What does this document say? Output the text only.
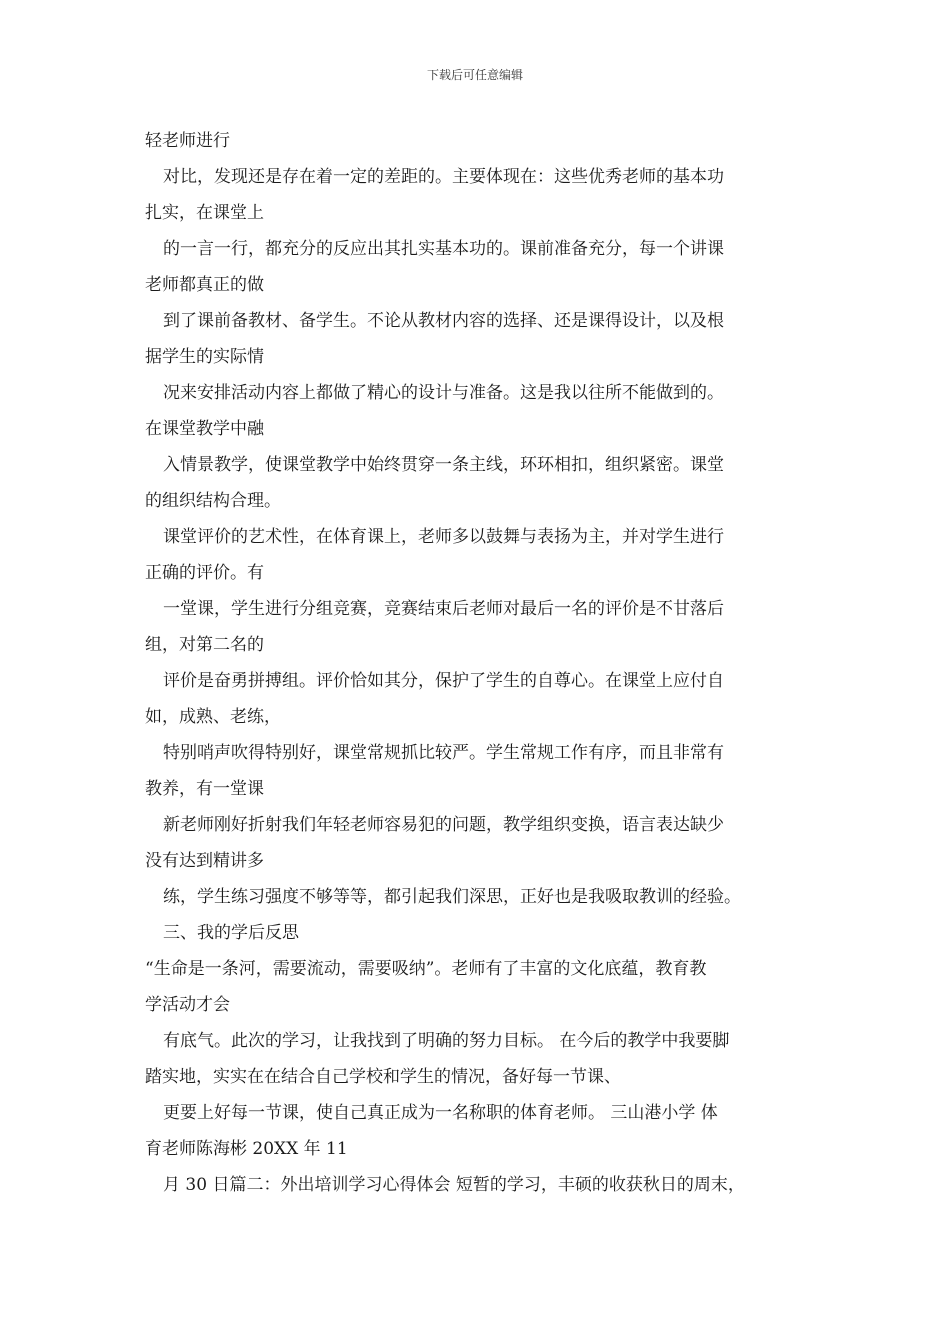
下载后可任意编辑
轻老师进行
对比，发现还是存在着一定的差距的。主要体现在：这些优秀老师的基本功
扎实，在课堂上
的一言一行，都充分的反应出其扎实基本功的。课前准备充分，每一个讲课
老师都真正的做
到了课前备教材、备学生。不论从教材内容的选择、还是课得设计，以及根
据学生的实际情
况来安排活动内容上都做了精心的设计与准备。这是我以往所不能做到的。
在课堂教学中融
入情景教学，使课堂教学中始终贯穿一条主线，环环相扣，组织紧密。课堂
的组织结构合理。
课堂评价的艺术性，在体育课上，老师多以鼓舞与表扬为主，并对学生进行
正确的评价。有
一堂课，学生进行分组竞赛，竞赛结束后老师对最后一名的评价是不甘落后
组，对第二名的
评价是奋勇拼搏组。评价恰如其分，保护了学生的自尊心。在课堂上应付自
如，成熟、老练，
特别哨声吹得特别好，课堂常规抓比较严。学生常规工作有序，而且非常有
教养，有一堂课
新老师刚好折射我们年轻老师容易犯的问题，教学组织变换，语言表达缺少
没有达到精讲多
练，学生练习强度不够等等，都引起我们深思，正好也是我吸取教训的经验。
三、我的学后反思
“生命是一条河，需要流动，需要吸纳”。老师有了丰富的文化底蕴，教育教
学活动才会
有底气。此次的学习，让我找到了明确的努力目标。 在今后的教学中我要脚
踏实地，实实在在结合自己学校和学生的情况，备好每一节课、
更要上好每一节课，使自己真正成为一名称职的体育老师。 三山港小学 体
育老师陈海彬 20XX 年 11
月 30 日篇二：外出培训学习心得体会 短暂的学习，丰硕的收获秋日的周末，
